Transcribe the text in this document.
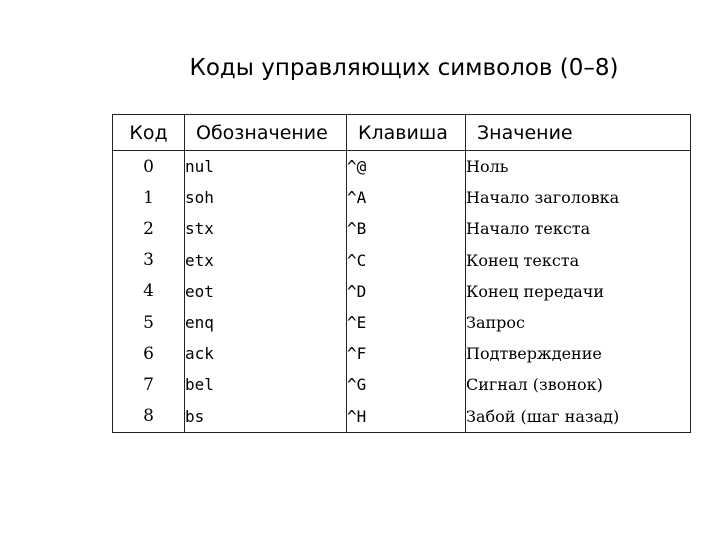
Коды управляющих символов (0–8)
Код	Обозначение	Клавиша	Значение
0	nul	^@	Ноль
1	soh	^A	Начало заголовка
2	stx	^B	Начало текста
3	etx	^C	Конец текста
4	eot	^D	Конец передачи
5	enq	^E	Запрос
6	ack	^F	Подтверждение
7	bel	^G	Сигнал (звонок)
8	bs	^H	Забой (шаг назад)
